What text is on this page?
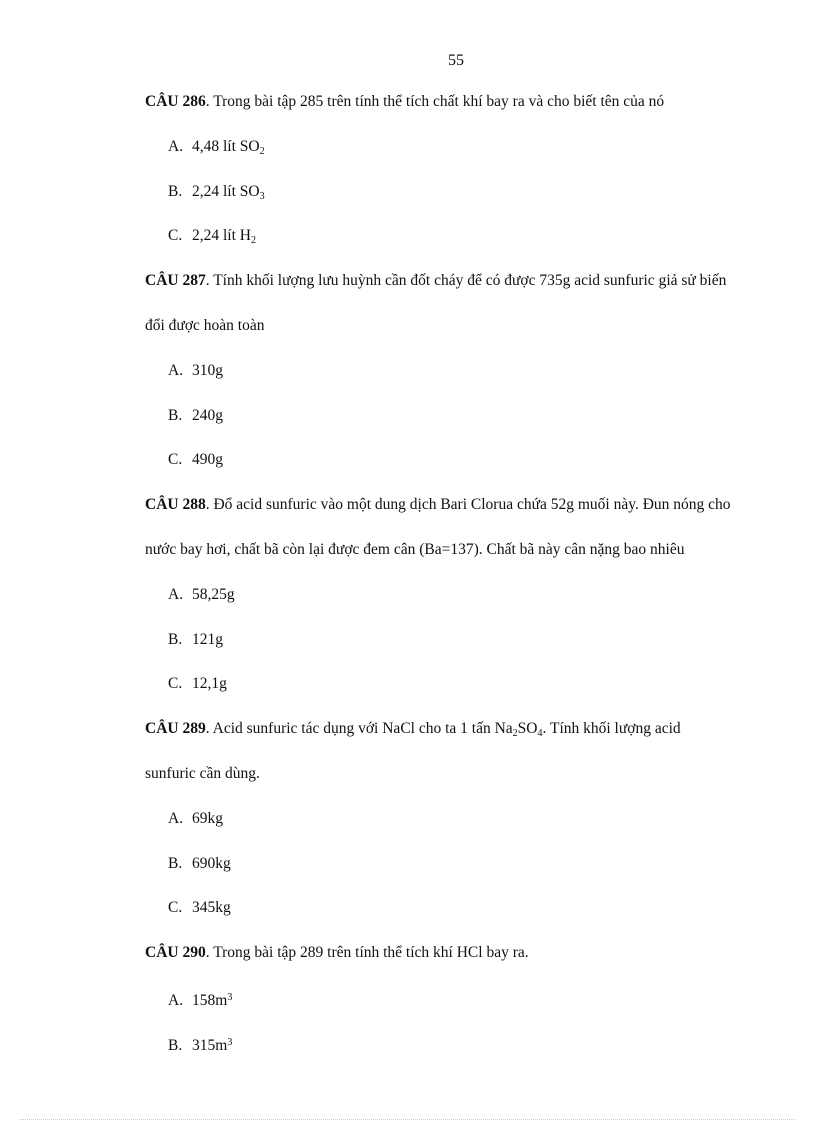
55
CÂU 286. Trong bài tập 285 trên tính thể tích chất khí bay ra và cho biết tên của nó
A. 4,48 lít $SO_2$
B. 2,24 lít $SO_3$
C. 2,24 lít $H_2$
CÂU 287. Tính khối lượng lưu huỳnh cần đốt cháy để có được 735g acid sunfuric giả sử biến
đổi được hoàn toàn
A. 310g
B. 240g
C. 490g
CÂU 288. Đổ acid sunfuric vào một dung dịch Bari Clorua chứa 52g muối này. Đun nóng cho
nước bay hơi, chất bã còn lại được đem cân (Ba=137). Chất bã này cân nặng bao nhiêu
A. 58,25g
B. 121g
C. 12,1g
CÂU 289. Acid sunfuric tác dụng với NaCl cho ta 1 tấn $Na_2SO_4$. Tính khối lượng acid
sunfuric cần dùng.
A. 69kg
B. 690kg
C. 345kg
CÂU 290. Trong bài tập 289 trên tính thể tích khí HCl bay ra.
A. $158m^3$
B. $315m^3$
